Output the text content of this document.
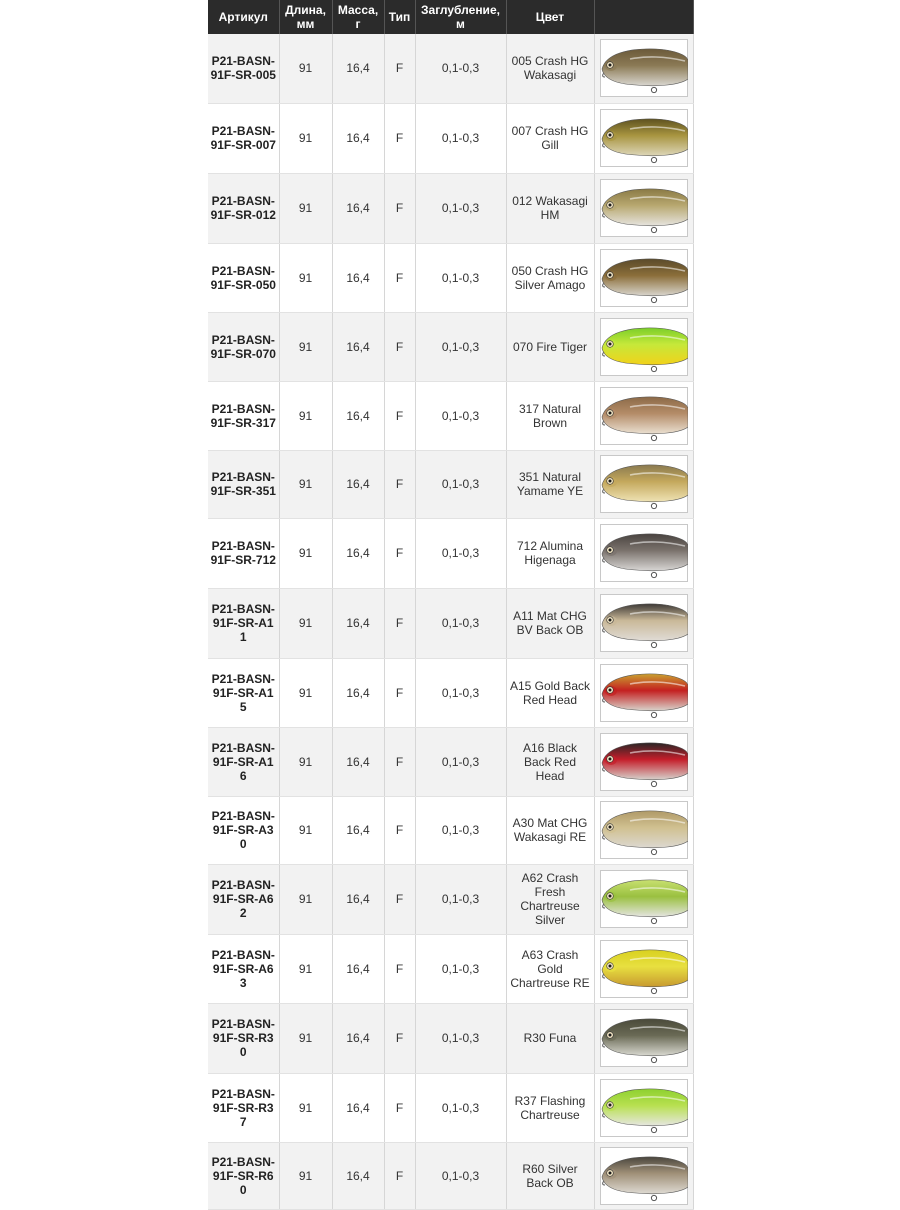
Артикул	Длина, мм	Масса, г	Тип	Заглубление, м	Цвет	
P21-BASN-91F-SR-005	91	16,4	F	0,1-0,3	005 Crash HG Wakasagi	

P21-BASN-91F-SR-007	91	16,4	F	0,1-0,3	007 Crash HG Gill	

P21-BASN-91F-SR-012	91	16,4	F	0,1-0,3	012 Wakasagi HM	

P21-BASN-91F-SR-050	91	16,4	F	0,1-0,3	050 Crash HG Silver Amago	

P21-BASN-91F-SR-070	91	16,4	F	0,1-0,3	070 Fire Tiger	

P21-BASN-91F-SR-317	91	16,4	F	0,1-0,3	317 Natural Brown	

P21-BASN-91F-SR-351	91	16,4	F	0,1-0,3	351 Natural Yamame YE	

P21-BASN-91F-SR-712	91	16,4	F	0,1-0,3	712 Alumina Higenaga	

P21-BASN-91F-SR-A11	91	16,4	F	0,1-0,3	A11 Mat CHG BV Back OB	

P21-BASN-91F-SR-A15	91	16,4	F	0,1-0,3	A15 Gold Back Red Head	

P21-BASN-91F-SR-A16	91	16,4	F	0,1-0,3	A16 Black Back Red Head	

P21-BASN-91F-SR-A30	91	16,4	F	0,1-0,3	A30 Mat CHG Wakasagi RE	

P21-BASN-91F-SR-A62	91	16,4	F	0,1-0,3	A62 Crash Fresh Chartreuse Silver	

P21-BASN-91F-SR-A63	91	16,4	F	0,1-0,3	A63 Crash Gold Chartreuse RE	

P21-BASN-91F-SR-R30	91	16,4	F	0,1-0,3	R30 Funa	

P21-BASN-91F-SR-R37	91	16,4	F	0,1-0,3	R37 Flashing Chartreuse	

P21-BASN-91F-SR-R60	91	16,4	F	0,1-0,3	R60 Silver Back OB	
